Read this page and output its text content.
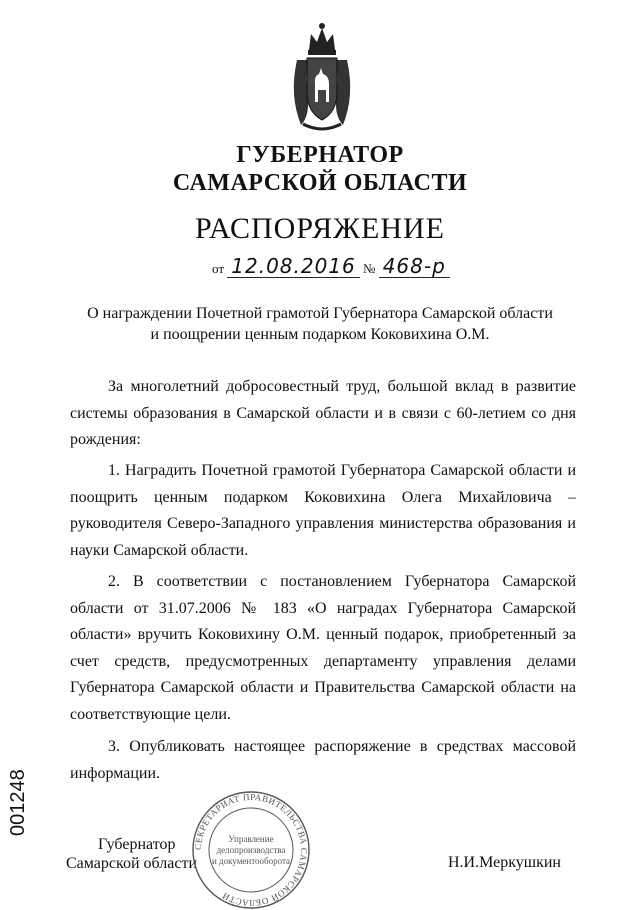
ГУБЕРНАТОР
САМАРСКОЙ ОБЛАСТИ
РАСПОРЯЖЕНИЕ
от 12.08.2016 № 468-р
О награждении Почетной грамотой Губернатора Самарской области
и поощрении ценным подарком Коковихина О.М.

За многолетний добросовестный труд, большой вклад в развитие системы образования в Самарской области и в связи с 60-летием со дня рождения:

1. Наградить Почетной грамотой Губернатора Самарской области и поощрить ценным подарком Коковихина Олега Михайловича – руководителя Северо-Западного управления министерства образования и науки Самарской области.

2. В соответствии с постановлением Губернатора Самарской области от 31.07.2006 № 183 «О наградах Губернатора Самарской области» вручить Коковихину О.М. ценный подарок, приобретенный за счет средств, предусмотренных департаменту управления делами Губернатора Самарской области и Правительства Самарской области на соответствующие цели.

3. Опубликовать настоящее распоряжение в средствах массовой информации.

001248
Губернатор
Самарской области	Н.И.Меркушкин
СЕКРЕТАРИАТ ПРАВИТЕЛЬСТВА САМАРСКОЙ ОБЛАСТИ
Управление
делопроизводства
и документооборота
